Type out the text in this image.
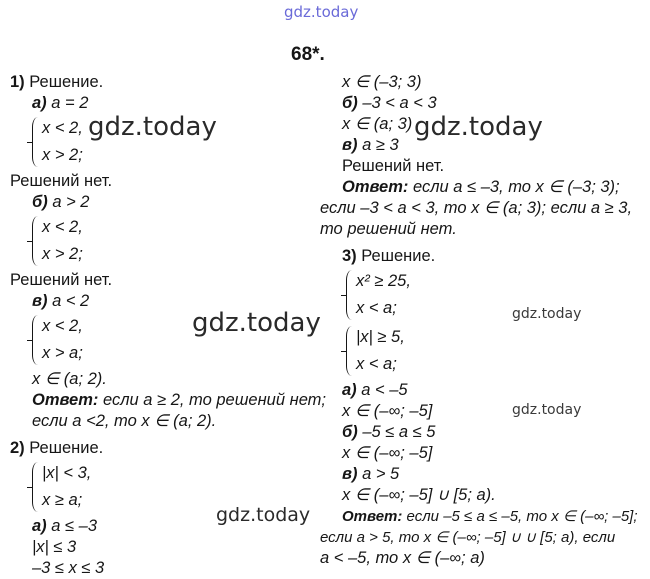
gdz.today
gdz.today	gdz.today
gdz.today	gdz.today
gdz.today
gdz.today
68*.
1) Решение.
а) a = 2
x < 2,
x > 2;
Решений нет.
б) a > 2
x < 2,
x > 2;
Решений нет.
в) a < 2
x < 2,
x > a;
x ∈ (a; 2).
Ответ: если a ≥ 2, то решений нет;
если a <2, то x ∈ (a; 2).
2) Решение.
|x| < 3,
x ≥ a;
а) a ≤ –3
|x| ≤ 3
–3 ≤ x ≤ 3
x ∈ (–3; 3)
б) –3 < a < 3
x ∈ (a; 3)
в) a ≥ 3
Решений нет.
Ответ: если a ≤ –3, то x ∈ (–3; 3);
если –3 < a < 3, то x ∈ (a; 3); если a ≥ 3,
то решений нет.
3) Решение.
x² ≥ 25,
x < a;
|x| ≥ 5,
x < a;
а) a < –5
x ∈ (–∞; –5]
б) –5 ≤ a ≤ 5
x ∈ (–∞; –5]
в) a > 5
x ∈ (–∞; –5] ∪ [5; a).
Ответ: если –5 ≤ a ≤ –5, то x ∈ (–∞; –5];
если a > 5, то x ∈ (–∞; –5] ∪ ∪ [5; a), если
a < –5, то x ∈ (–∞; a)
